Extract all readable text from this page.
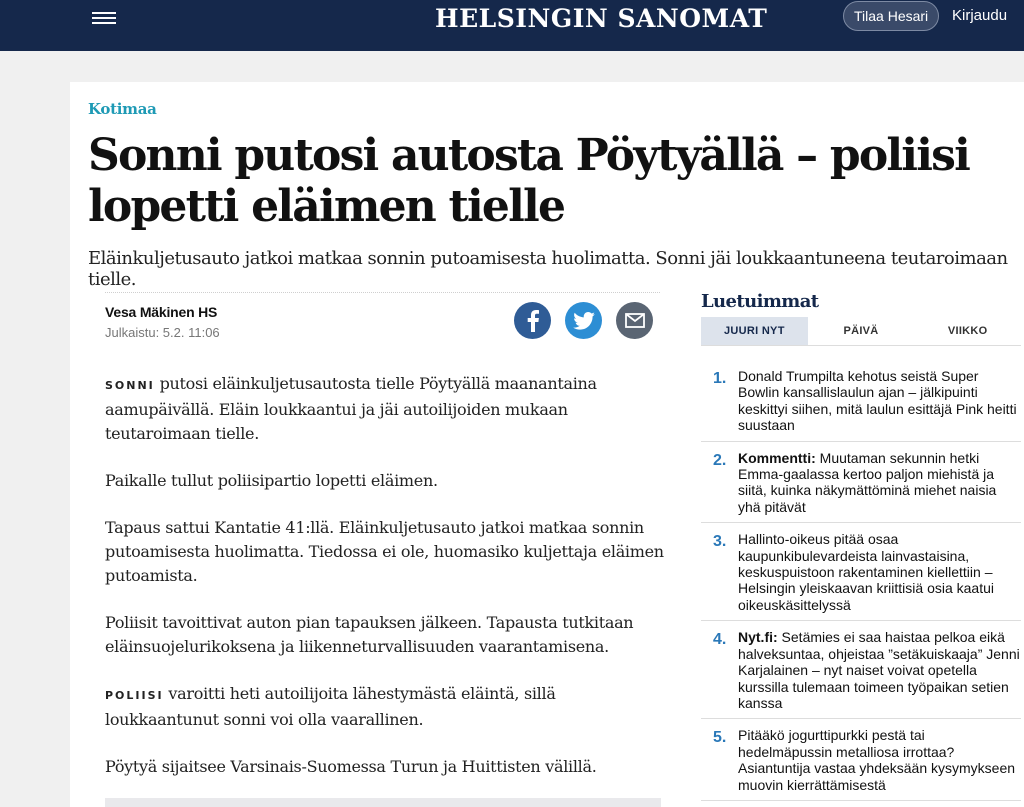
HELSINGIN SANOMAT	Tilaa Hesari	Kirjaudu
Kotimaa
Sonni putosi autosta Pöytyällä – poliisi lopetti eläimen tielle
Eläinkuljetusauto jatkoi matkaa sonnin putoamisesta huolimatta. Sonni jäi loukkaantuneena teutaroimaan tielle.
Vesa Mäkinen HS
Julkaistu: 5.2. 11:06

SONNI putosi eläinkuljetusautosta tielle Pöytyällä maanantaina aamupäivällä. Eläin loukkaantui ja jäi autoilijoiden mukaan teutaroimaan tielle.

Paikalle tullut poliisipartio lopetti eläimen.

Tapaus sattui Kantatie 41:llä. Eläinkuljetusauto jatkoi matkaa sonnin putoamisesta huolimatta. Tiedossa ei ole, huomasiko kuljettaja eläimen putoamista.

Poliisit tavoittivat auton pian tapauksen jälkeen. Tapausta tutkitaan eläinsuojelurikoksena ja liikenneturvallisuuden vaarantamisena.

POLIISI varoitti heti autoilijoita lähestymästä eläintä, sillä loukkaantunut sonni voi olla vaarallinen.

Pöytyä sijaitsee Varsinais-Suomessa Turun ja Huittisten välillä.

Luetuimmat
JUURI NYT	PÄIVÄ	VIIKKO
1. Donald Trumpilta kehotus seistä Super Bowlin kansallislaulun ajan – jälkipuinti keskittyi siihen, mitä laulun esittäjä Pink heitti suustaan
2. Kommentti: Muutaman sekunnin hetki Emma-gaalassa kertoo paljon miehistä ja siitä, kuinka näkymättöminä miehet naisia yhä pitävät
3. Hallinto-oikeus pitää osaa kaupunkibulevardeista lainvastaisina, keskuspuistoon rakentaminen kiellettiin – Helsingin yleiskaavan kriittisiä osia kaatui oikeuskäsittelyssä
4. Nyt.fi: Setämies ei saa haistaa pelkoa eikä halveksuntaa, ohjeistaa ”setäkuiskaaja” Jenni Karjalainen – nyt naiset voivat opetella kurssilla tulemaan toimeen työpaikan setien kanssa
5. Pitääkö jogurttipurkki pestä tai hedelmäpussin metalliosa irrottaa? Asiantuntija vastaa yhdeksään kysymykseen muovin kierrättämisestä
